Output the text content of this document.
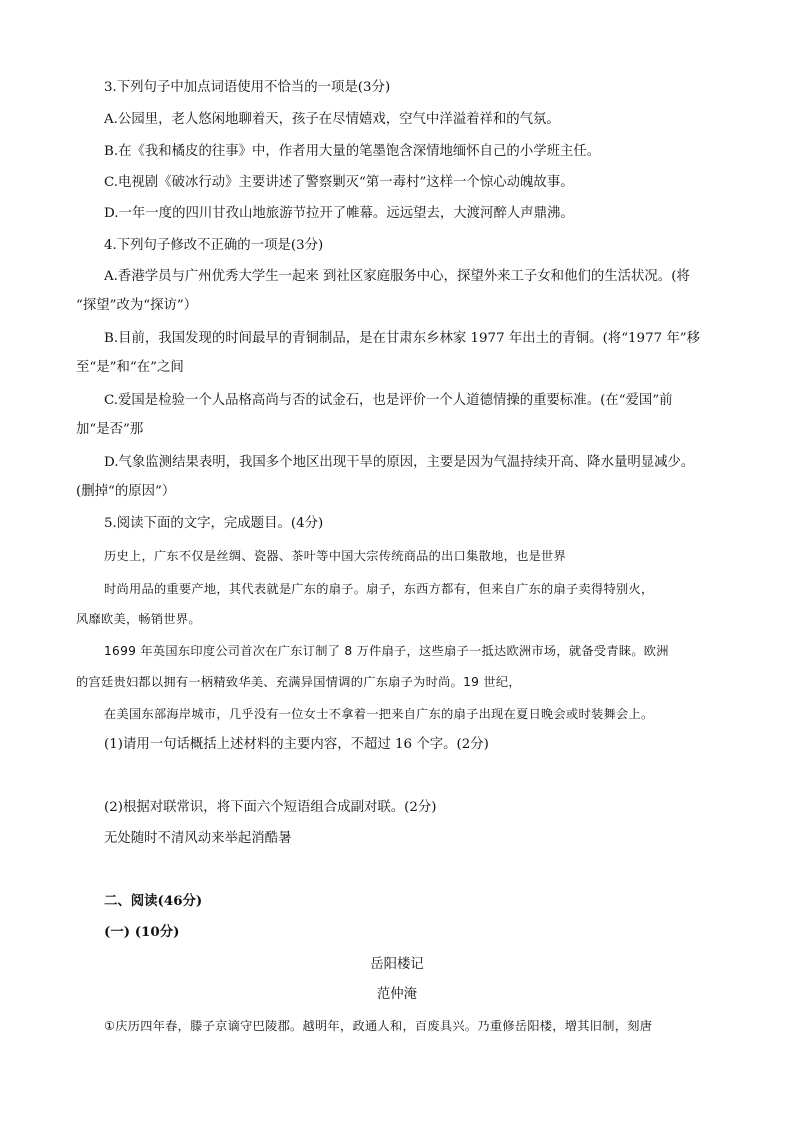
3.下列句子中加点词语使用不恰当的一项是(3分)
A.公园里，老人悠闲地聊着天，孩子在尽情嬉戏，空气中洋溢着祥和的气氛。
B.在《我和橘皮的往事》中，作者用大量的笔墨饱含深情地缅怀自己的小学班主任。
C.电视剧《破冰行动》主要讲述了警察剿灭“第一毒村”这样一个惊心动魄故事。
D.一年一度的四川甘孜山地旅游节拉开了帷幕。远远望去，大渡河醉人声鼎沸。
4.下列句子修改不正确的一项是(3分)
A.香港学员与广州优秀大学生一起来 到社区家庭服务中心，探望外来工子女和他们的生活状况。(将
“探望”改为“探访”）
B.目前，我国发现的时间最早的青铜制品，是在甘肃东乡林家 1977 年出土的青铜。(将“1977 年”移
至“是”和“在”之间
C.爱国是检验一个人品格高尚与否的试金石，也是评价一个人道德情操的重要标准。(在“爱国”前
加“是否”那
D.气象监测结果表明，我国多个地区出现干旱的原因，主要是因为气温持续开高、降水量明显减少。
(删掉“的原因”）
5.阅读下面的文字，完成题目。(4分)
历史上，广东不仅是丝绸、瓷器、茶叶等中国大宗传统商品的出口集散地，也是世界
时尚用品的重要产地，其代表就是广东的扇子。扇子，东西方都有，但来自广东的扇子卖得特别火，
风靡欧美，畅销世界。
1699 年英国东印度公司首次在广东订制了 8 万件扇子，这些扇子一抵达欧洲市场，就备受青睐。欧洲
的宫廷贵妇都以拥有一柄精致华美、充满异国情调的广东扇子为时尚。19 世纪，
在美国东部海岸城市，几乎没有一位女士不拿着一把来自广东的扇子出现在夏日晚会或时装舞会上。
(1)请用一句话概括上述材料的主要内容，不超过 16 个字。(2分)
(2)根据对联常识，将下面六个短语组合成副对联。(2分)
无处随时不清风动来举起消酷暑
二、阅读(46分)
(一) (10分)
岳阳楼记
范仲淹
①庆历四年春，滕子京谪守巴陵郡。越明年，政通人和，百废具兴。乃重修岳阳楼，增其旧制，刻唐
